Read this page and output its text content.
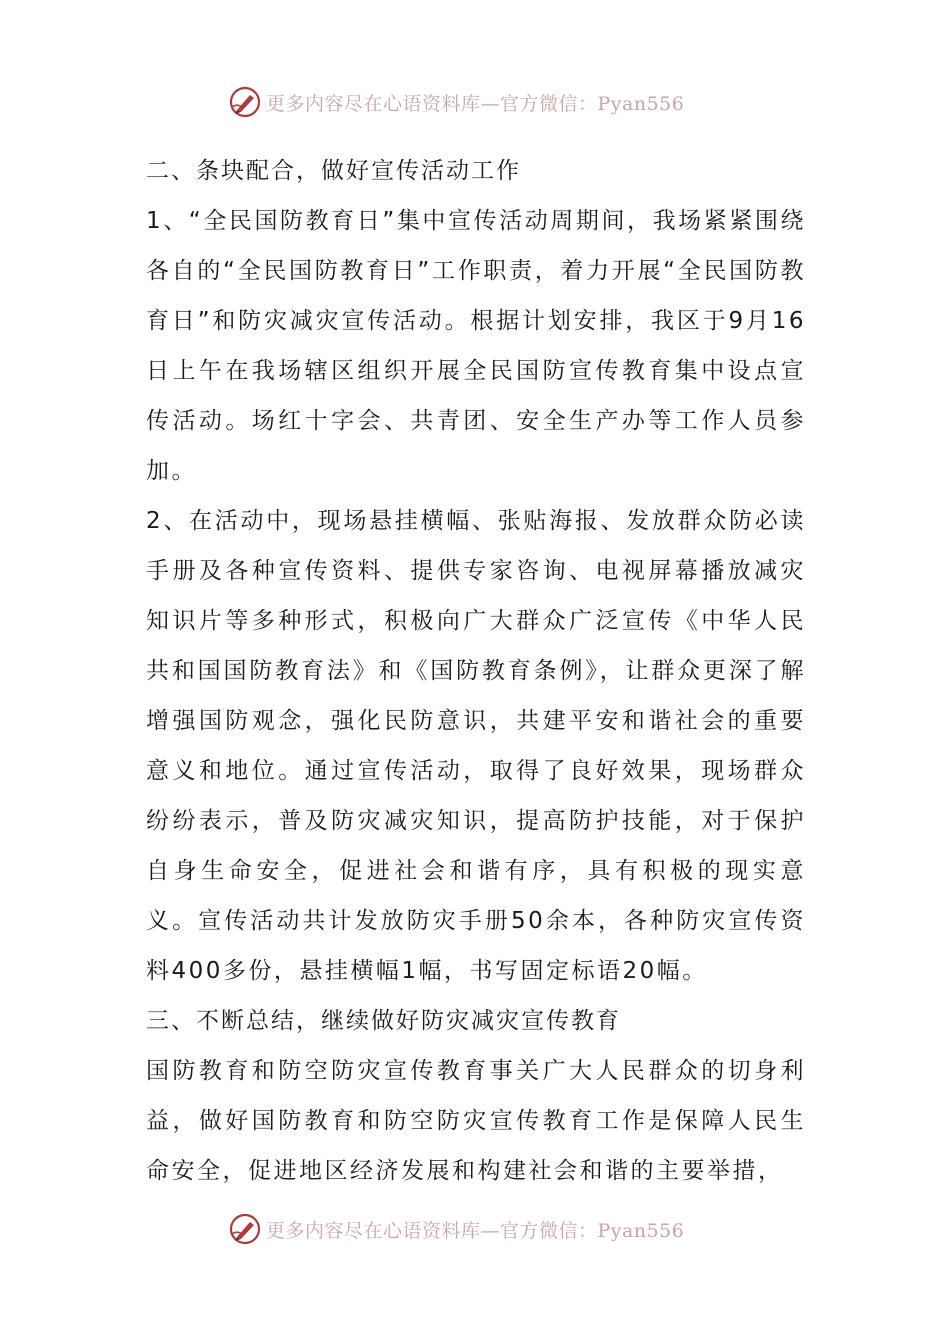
更多内容尽在心语资料库—官方微信：Pyan556

二、条块配合，做好宣传活动工作

1、“全民国防教育日”集中宣传活动周期间，我场紧紧围绕各自的“全民国防教育日”工作职责，着力开展“全民国防教育日”和防灾减灾宣传活动。根据计划安排，我区于9月16日上午在我场辖区组织开展全民国防宣传教育集中设点宣传活动。场红十字会、共青团、安全生产办等工作人员参加。

2、在活动中，现场悬挂横幅、张贴海报、发放群众防必读手册及各种宣传资料、提供专家咨询、电视屏幕播放减灾知识片等多种形式，积极向广大群众广泛宣传《中华人民共和国国防教育法》和《国防教育条例》，让群众更深了解增强国防观念，强化民防意识，共建平安和谐社会的重要意义和地位。通过宣传活动，取得了良好效果，现场群众纷纷表示，普及防灾减灾知识，提高防护技能，对于保护自身生命安全，促进社会和谐有序，具有积极的现实意义。宣传活动共计发放防灾手册50余本，各种防灾宣传资料400多份，悬挂横幅1幅，书写固定标语20幅。

三、不断总结，继续做好防灾减灾宣传教育

国防教育和防空防灾宣传教育事关广大人民群众的切身利益，做好国防教育和防空防灾宣传教育工作是保障人民生命安全，促进地区经济发展和构建社会和谐的主要举措，

更多内容尽在心语资料库—官方微信：Pyan556
